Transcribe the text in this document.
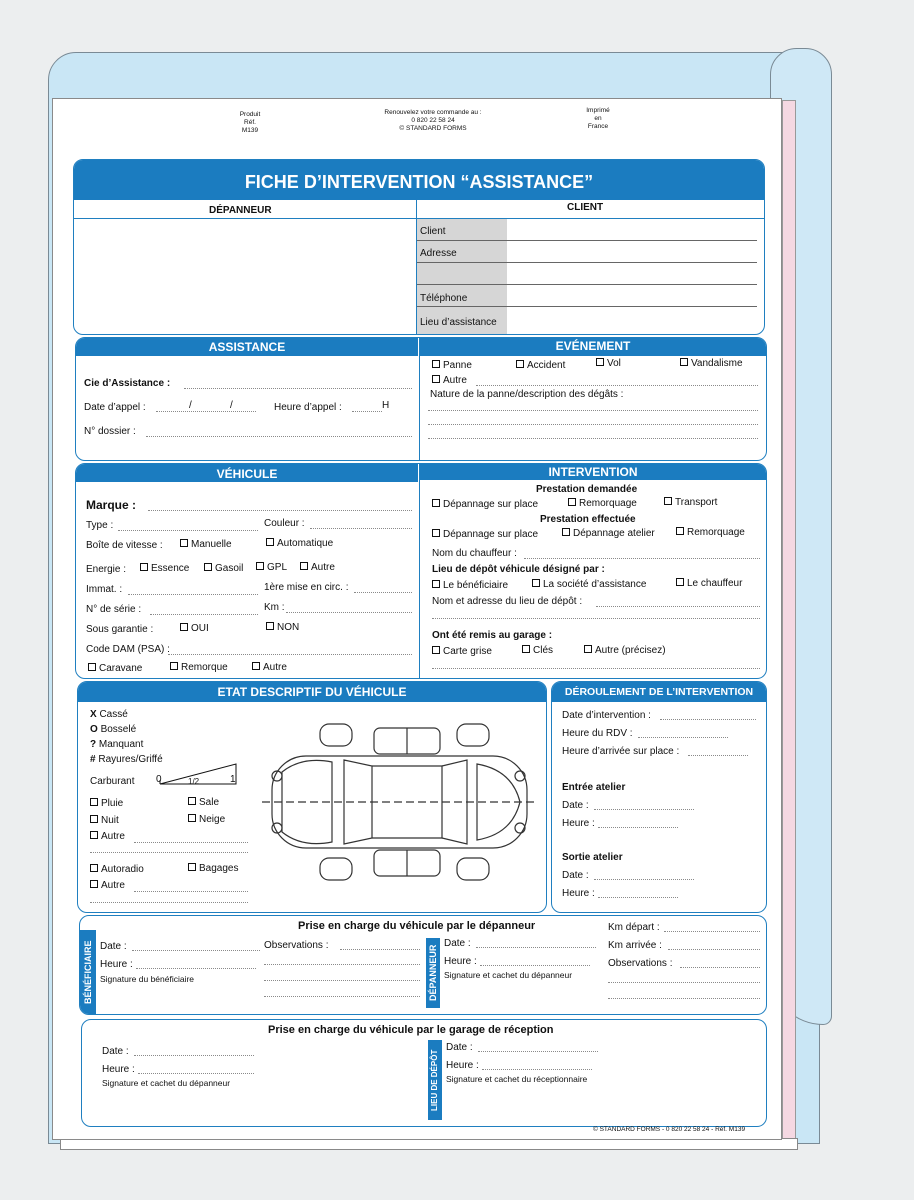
Produit
Réf.
M139
Renouvelez votre commande au :
0 820 22 58 24
© STANDARD FORMS
Imprimé
en
France
FICHE D’INTERVENTION “ASSISTANCE”
DÉPANNEUR	CLIENT
Client
Adresse
Téléphone
Lieu d’assistance
ASSISTANCE	EVÉNEMENT
Cie d’Assistance :
Date d’appel :	/	/	Heure d’appel :	H
N° dossier :
Panne	Accident	Vol	Vandalisme
Autre
Nature de la panne/description des dégâts :
VÉHICULE	INTERVENTION
Marque :
Type :	Couleur :
Boîte de vitesse :	Manuelle	Automatique
Energie :	Essence	Gasoil	GPL	Autre
Immat. :	1ère mise en circ. :
N° de série :	Km :
Sous garantie :	OUI	NON
Code DAM (PSA) :
Caravane	Remorque	Autre
Prestation demandée
Dépannage sur place	Remorquage	Transport
Prestation effectuée
Dépannage sur place	Dépannage atelier	Remorquage
Nom du chauffeur :
Lieu de dépôt véhicule désigné par :
Le bénéficiaire	La société d’assistance	Le chauffeur
Nom et adresse du lieu de dépôt :
Ont été remis au garage :
Carte grise	Clés	Autre (précisez)
ETAT DESCRIPTIF DU VÉHICULE
X Cassé
O Bosselé
? Manquant
# Rayures/Griffé
Carburant 0	1/2	1
Pluie	Sale
Nuit	Neige
Autre
Autoradio	Bagages
Autre
DÉROULEMENT DE L’INTERVENTION
Date d’intervention :
Heure du RDV :
Heure d’arrivée sur place :
Entrée atelier
Date :
Heure :
Sortie atelier
Date :
Heure :
Prise en charge du véhicule par le dépanneur
BÉNÉFICIAIRE Date :
Heure :
Signature du bénéficiaire
Observations :	DÉPANNEUR
Date :
Heure :
Signature et cachet du dépanneur
Km départ :
Km arrivée :
Observations :
Prise en charge du véhicule par le garage de réception
Date :
Heure :
Signature et cachet du dépanneur	LIEU DE DÉPÔT
Date :
Heure :
Signature et cachet du réceptionnaire
© STANDARD FORMS - 0 820 22 58 24 - Réf. M139
